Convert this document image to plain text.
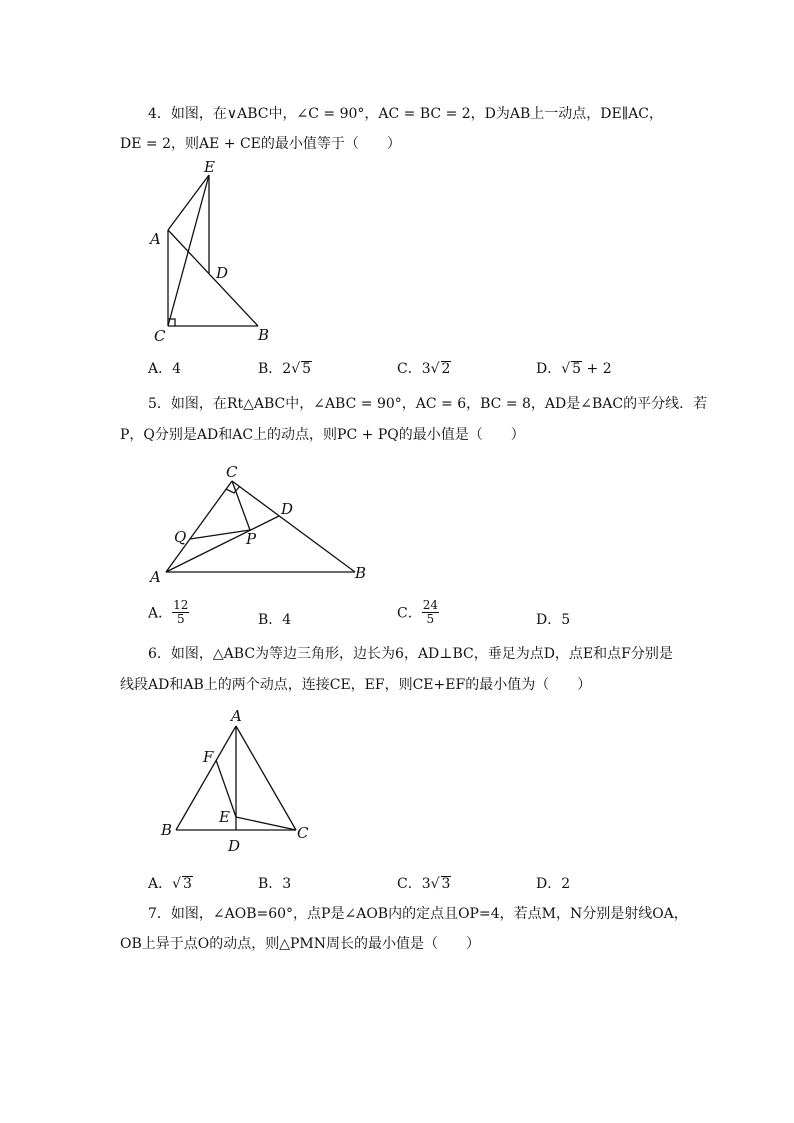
4．如图，在∨ABC中，∠C = 90°，AC = BC = 2，D为AB上一动点，DE∥AC，
DE = 2，则AE + CE的最小值等于（　　）
A
C	B
D
E
A．4	B．2√ 5	C．3√ 2	D．√ 5 + 2
5．如图，在Rt△ABC中，∠ABC = 90°，AC = 6，BC = 8，AD是∠BAC的平分线．若
P，Q分别是AD和AC上的动点，则PC + PQ的最小值是（　　）
C
D
Q	P
A	B
A． $\frac{12}{5}$	B．4	C． $\frac{24}{5}$	D．5
6．如图，△ABC为等边三角形，边长为6，AD⊥BC，垂足为点D，点E和点F分别是
线段AD和AB上的两个动点，连接CE，EF，则CE+EF的最小值为（　　）
A
F
E
B	C
D
A．√ 3	B．3	C．3√ 3	D．2
7．如图，∠AOB=60°，点P是∠AOB内的定点且OP=4，若点M，N分别是射线OA，
OB上异于点O的动点，则△PMN周长的最小值是（　　）
